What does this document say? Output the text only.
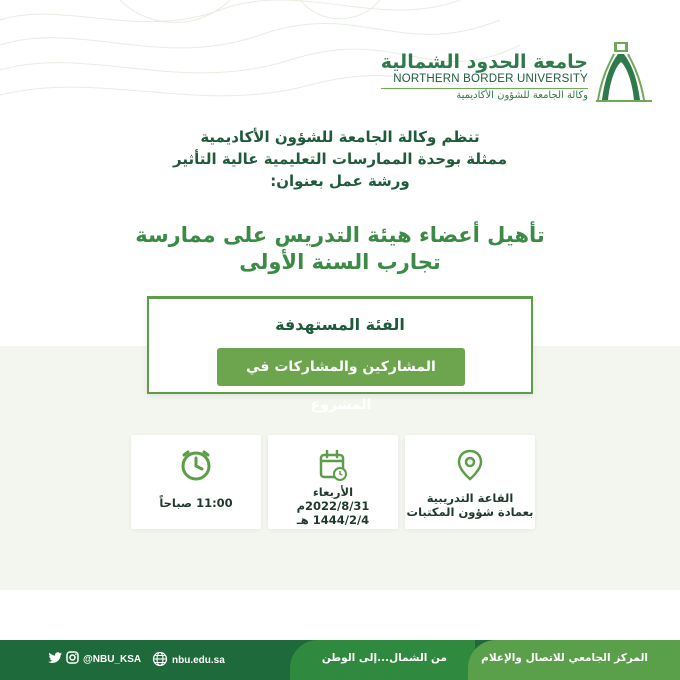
جامعة الحدود الشمالية
NORTHERN BORDER UNIVERSITY
وكالة الجامعة للشؤون الأكاديمية
تنظم وكالة الجامعة للشؤون الأكاديمية
ممثلة بوحدة الممارسات التعليمية عالية التأثير
ورشة عمل بعنوان:
تأهيل أعضاء هيئة التدريس على ممارسة
تجارب السنة الأولى
الفئة المستهدفة
المشاركين والمشاركات في المشروع
11:00 صباحاً
الأربعاء
2022/8/31م
1444/2/4 هـ
القاعة التدريبية
بعمادة شؤون المكتبات
@NBU_KSA	nbu.edu.sa	من الشمال...إلى الوطن	المركز الجامعي للاتصال والإعلام
